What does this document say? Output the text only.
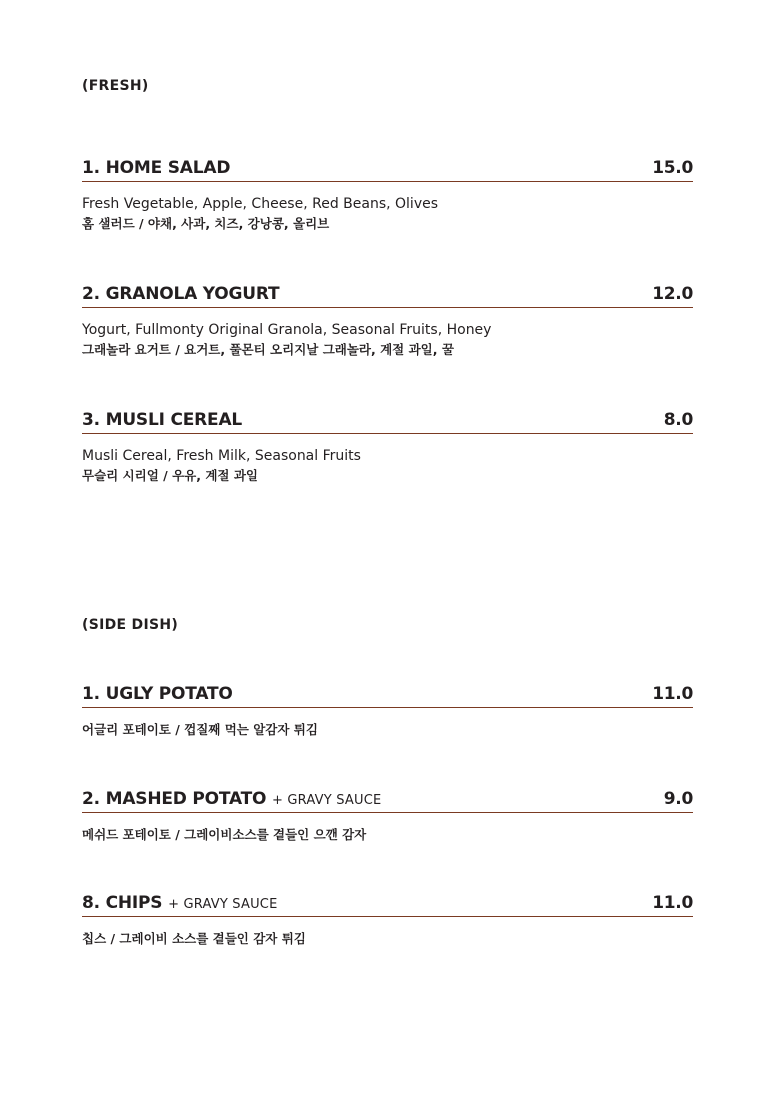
(FRESH)
1. HOME SALAD	15.0
Fresh Vegetable, Apple, Cheese, Red Beans, Olives
홈 샐러드 / 야채, 사과, 치즈, 강낭콩, 올리브
2. GRANOLA YOGURT	12.0
Yogurt, Fullmonty Original Granola, Seasonal Fruits, Honey
그래놀라 요거트 / 요거트, 풀몬티 오리지날 그래놀라, 계절 과일, 꿀
3. MUSLI CEREAL	8.0
Musli Cereal, Fresh Milk, Seasonal Fruits
무슬리 시리얼 / 우유, 계절 과일
(SIDE DISH)
1. UGLY POTATO	11.0
어글리 포테이토 / 껍질째 먹는 알감자 튀김
2. MASHED POTATO + GRAVY SAUCE	9.0
메쉬드 포테이토 / 그레이비소스를 곁들인 으깬 감자
8. CHIPS + GRAVY SAUCE	11.0
칩스 / 그레이비 소스를 곁들인 감자 튀김
